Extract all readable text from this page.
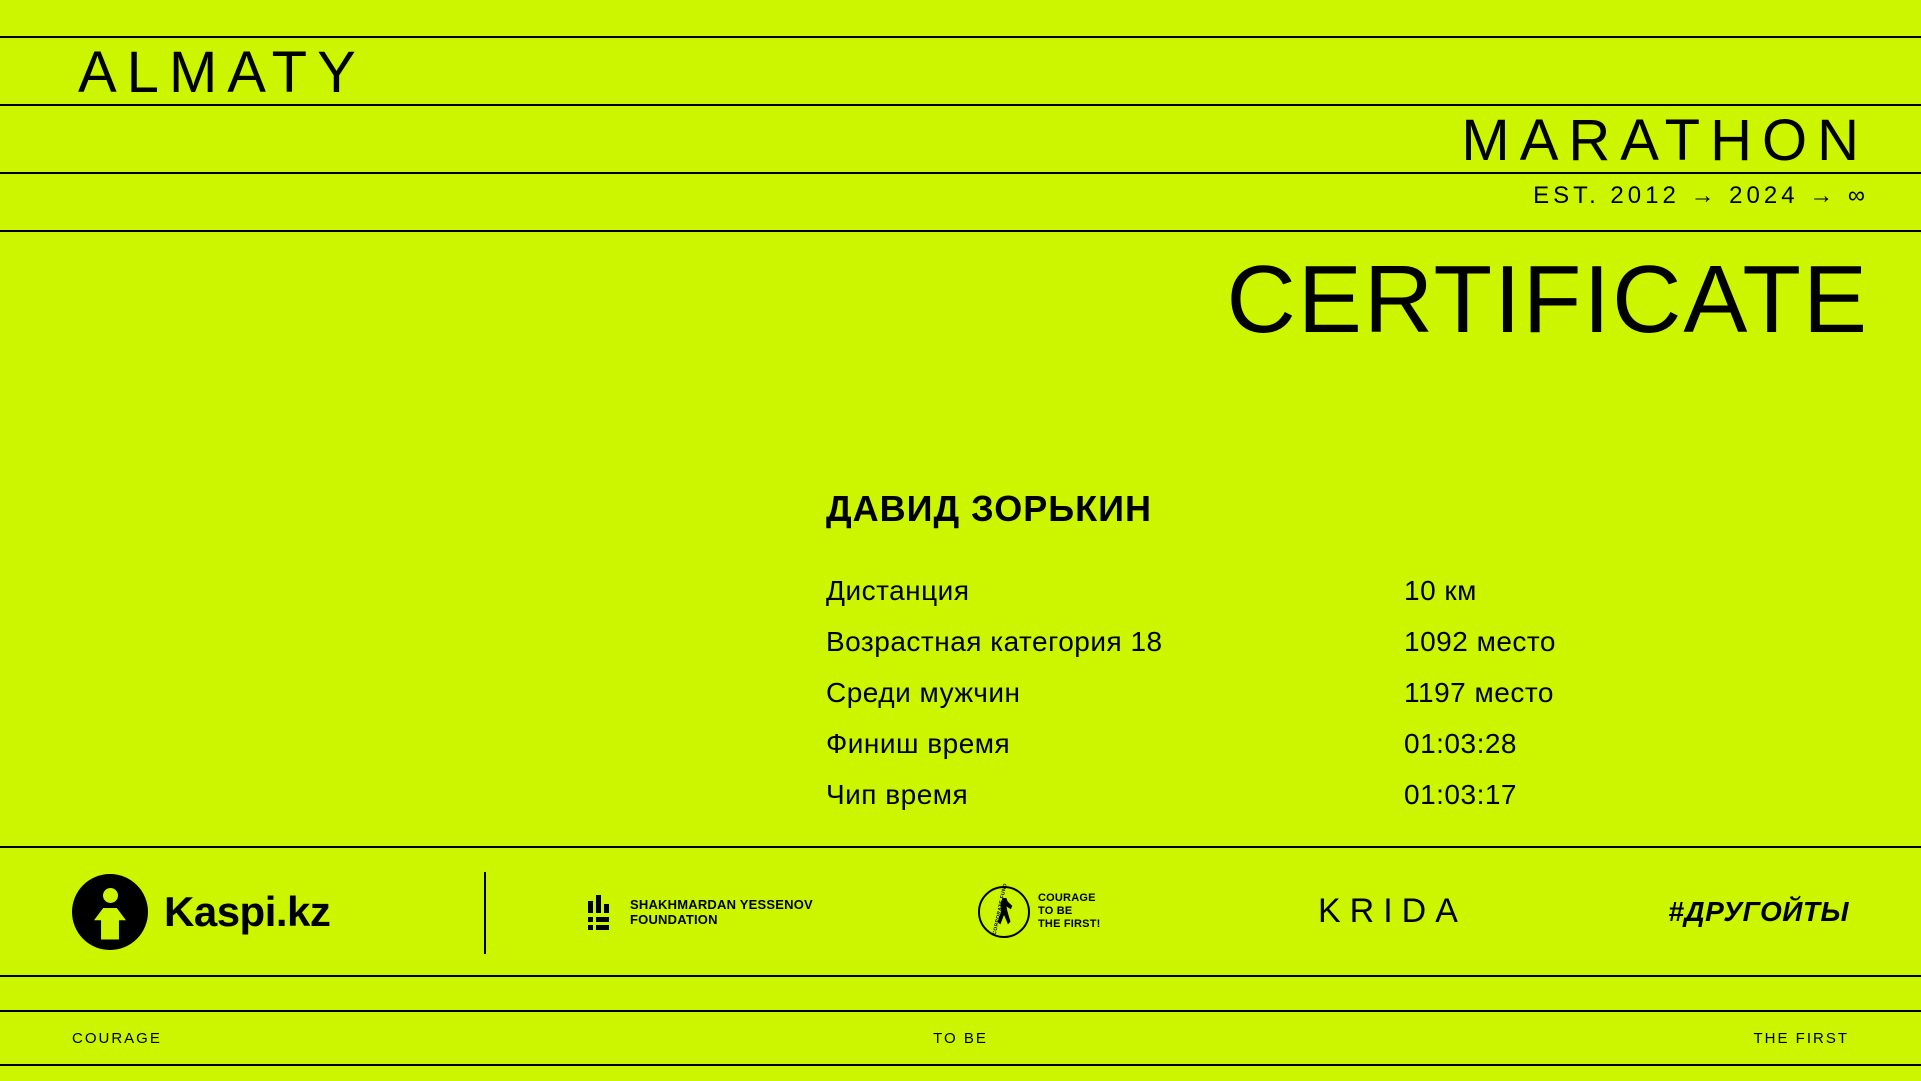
ALMATY
MARATHON
EST. 2012 → 2024 → ∞
CERTIFICATE
ДАВИД ЗОРЬКИН
Дистанция	10 км
Возрастная категория 18	1092 место
Среди мужчин	1197 место
Финиш время	01:03:28
Чип время	01:03:17
Kaspi.kz	SHAKHMARDAN YESSENOV
FOUNDATION	CORPORATE FUND	COURAGE
TO BE
THE FIRST!	KRIDA	#ДРУГОЙТЫ
COURAGE	TO BE	THE FIRST
